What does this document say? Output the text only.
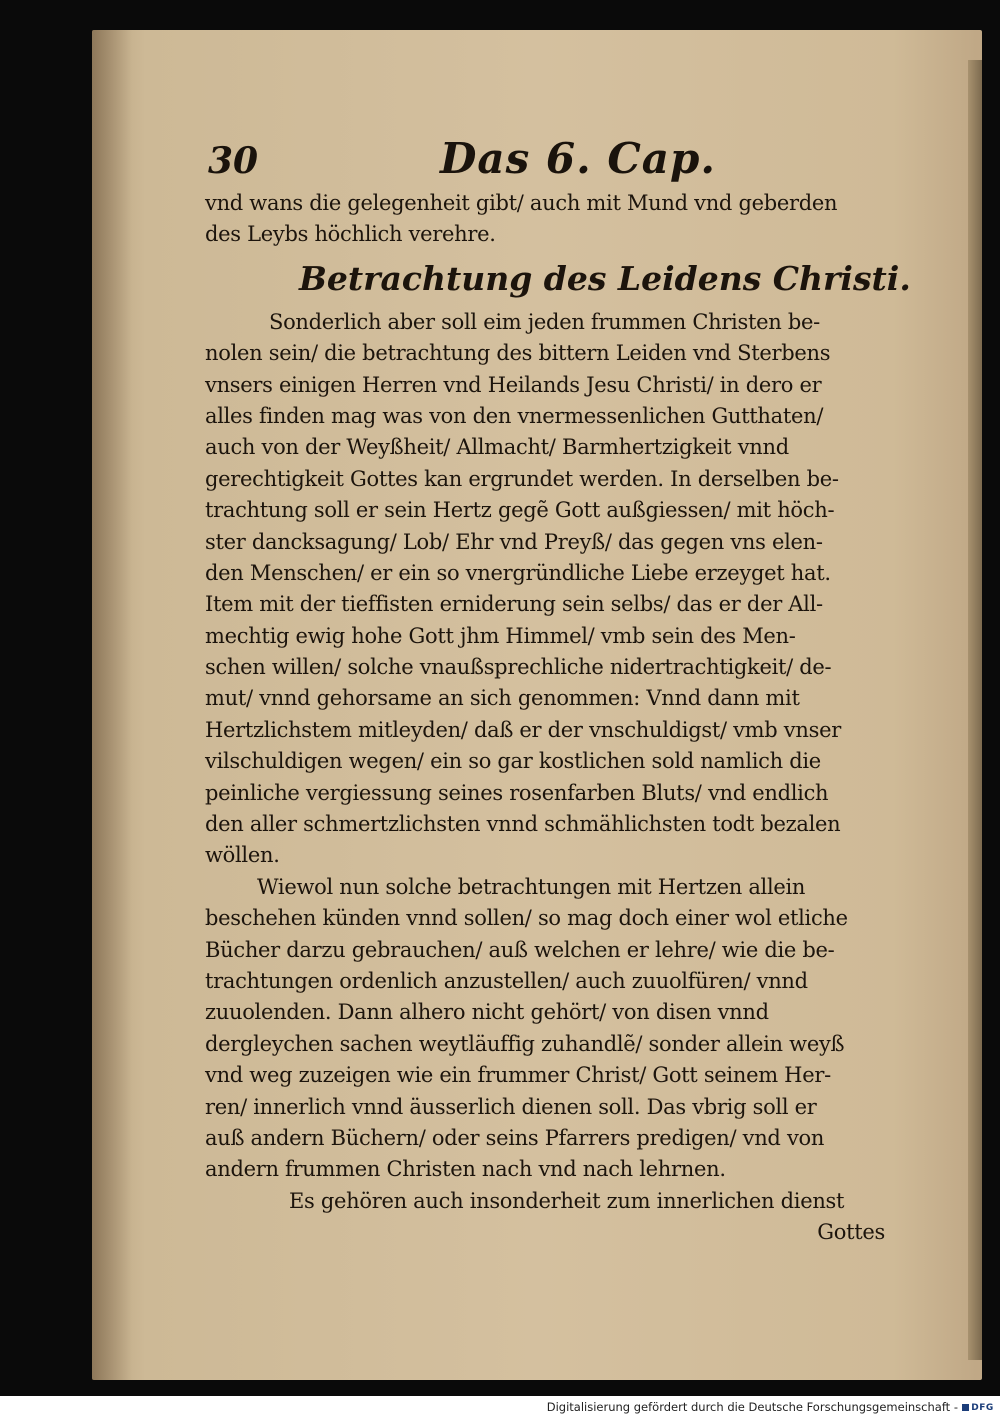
30	Das 6. Cap.
vnd wans die gelegenheit gibt/ auch mit Mund vnd geberden
des Leybs höchlich verehre.
Betrachtung des Leidens Christi.
Sonderlich aber soll eim jeden frummen Christen be-
nolen sein/ die betrachtung des bittern Leiden vnd Sterbens
vnsers einigen Herren vnd Heilands Jesu Christi/ in dero er
alles finden mag was von den vnermessenlichen Gutthaten/
auch von der Weyßheit/ Allmacht/ Barmhertzigkeit vnnd
gerechtigkeit Gottes kan ergrundet werden. In derselben be-
trachtung soll er sein Hertz gegẽ Gott außgiessen/ mit höch-
ster dancksagung/ Lob/ Ehr vnd Preyß/ das gegen vns elen-
den Menschen/ er ein so vnergründliche Liebe erzeyget hat.
Item mit der tieffisten erniderung sein selbs/ das er der All-
mechtig ewig hohe Gott jhm Himmel/ vmb sein des Men-
schen willen/ solche vnaußsprechliche nidertrachtigkeit/ de-
mut/ vnnd gehorsame an sich genommen: Vnnd dann mit
Hertzlichstem mitleyden/ daß er der vnschuldigst/ vmb vnser
vilschuldigen wegen/ ein so gar kostlichen sold namlich die
peinliche vergiessung seines rosenfarben Bluts/ vnd endlich
den aller schmertzlichsten vnnd schmählichsten todt bezalen
wöllen.
Wiewol nun solche betrachtungen mit Hertzen allein
beschehen künden vnnd sollen/ so mag doch einer wol etliche
Bücher darzu gebrauchen/ auß welchen er lehre/ wie die be-
trachtungen ordenlich anzustellen/ auch zuuolfüren/ vnnd
zuuolenden. Dann alhero nicht gehört/ von disen vnnd
dergleychen sachen weytläuffig zuhandlẽ/ sonder allein weyß
vnd weg zuzeigen wie ein frummer Christ/ Gott seinem Her-
ren/ innerlich vnnd äusserlich dienen soll. Das vbrig soll er
auß andern Büchern/ oder seins Pfarrers predigen/ vnd von
andern frummen Christen nach vnd nach lehrnen.
Es gehören auch insonderheit zum innerlichen dienst
Gottes
Digitalisierung gefördert durch die Deutsche Forschungsgemeinschaft - DFG
